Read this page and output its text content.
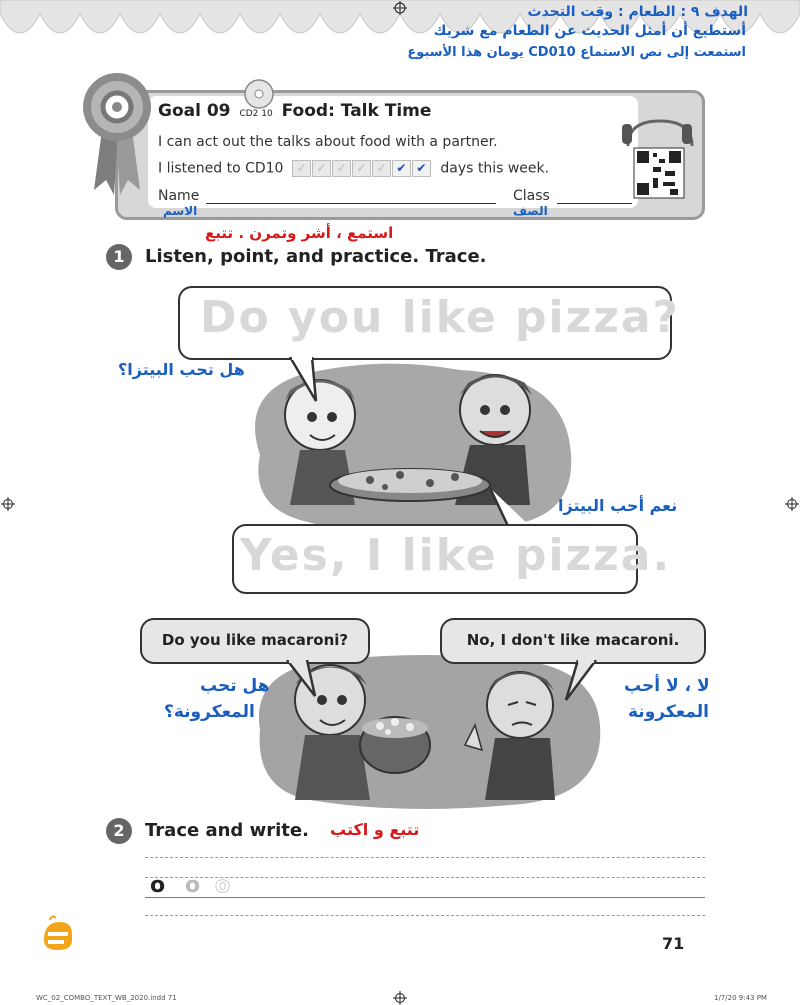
الهدف ٩ : الطعام : وقت التحدث
أستطيع أن أمثل الحديث عن الطعام مع شريك
استمعت إلى نص الاستماع CD010 يومان هذا الأسبوع
Goal 09 CD2 10 Food: Talk Time
I can act out the talks about food with a partner.
I listened to CD10 ✓ ✓ ✓ ✓ ✓ ✔ ✔ days this week.
Name
الاسم
Class
الصف
استمع ، أشر وتمرن . تتبع
1	Listen, point, and practice. Trace.
Do you like pizza?
هل تحب البيتزا؟
نعم أحب البيتزا
Yes, I like pizza.
Do you like macaroni?	No, I don't like macaroni.
هل تحب
المعكرونة؟
لا ، لا أحب
المعكرونة
2	Trace and write. تتبع و اكتب
o o o
71
WC_02_COMBO_TEXT_WB_2020.indd 71	1/7/20 9:43 PM
